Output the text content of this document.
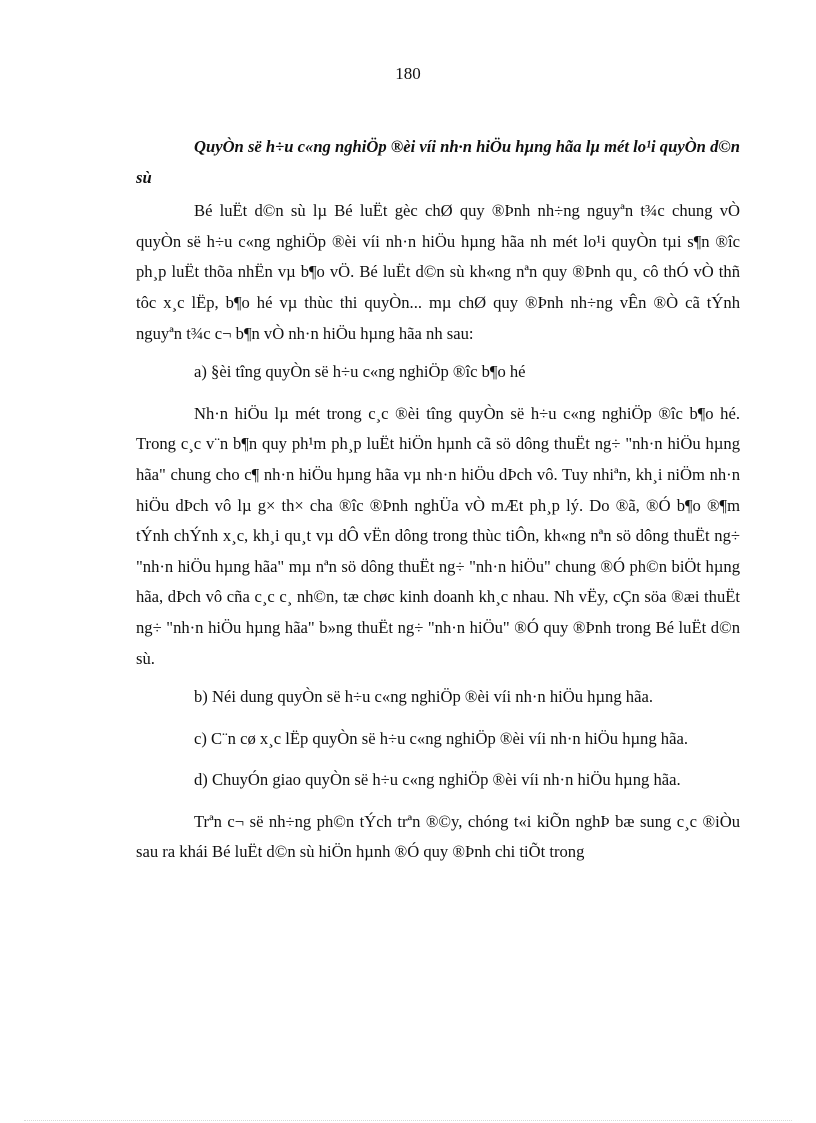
180

QuyÒn së h÷u c«ng nghiÖp ®èi víi nh·n hiÖu hµng hãa lµ mét lo¹i quyÒn d©n sù

Bé luËt d©n sù lµ Bé luËt gèc chØ quy ®Þnh nh÷ng nguyªn t¾c chung vÒ quyÒn së h÷u c«ng nghiÖp ®èi víi nh·n hiÖu hµng hãa nh mét lo¹i quyÒn tµi s¶n ®îc ph¸p luËt thõa nhËn vµ b¶o vÖ. Bé luËt d©n sù kh«ng nªn quy ®Þnh qu¸ cô thÓ vÒ thñ tôc x¸c lËp, b¶o hé vµ thùc thi quyÒn... mµ chØ quy ®Þnh nh÷ng vÊn ®Ò cã tÝnh nguyªn t¾c c¬ b¶n vÒ nh·n hiÖu hµng hãa nh sau:

a) §èi tîng quyÒn së h÷u c«ng nghiÖp ®îc b¶o hé

Nh·n hiÖu lµ mét trong c¸c ®èi tîng quyÒn së h÷u c«ng nghiÖp ®îc b¶o hé. Trong c¸c v¨n b¶n quy ph¹m ph¸p luËt hiÖn hµnh cã sö dông thuËt ng÷ "nh·n hiÖu hµng hãa" chung cho c¶ nh·n hiÖu hµng hãa vµ nh·n hiÖu dÞch vô. Tuy nhiªn, kh¸i niÖm nh·n hiÖu dÞch vô lµ g× th× cha ®îc ®Þnh nghÜa vÒ mÆt ph¸p lý. Do ®ã, ®Ó b¶o ®¶m tÝnh chÝnh x¸c, kh¸i qu¸t vµ dÔ vËn dông trong thùc tiÔn, kh«ng nªn sö dông thuËt ng÷ "nh·n hiÖu hµng hãa" mµ nªn sö dông thuËt ng÷ "nh·n hiÖu" chung ®Ó ph©n biÖt hµng hãa, dÞch vô cña c¸c c¸ nh©n, tæ chøc kinh doanh kh¸c nhau. Nh vËy, cÇn söa ®æi thuËt ng÷ "nh·n hiÖu hµng hãa" b»ng thuËt ng÷ "nh·n hiÖu" ®Ó quy ®Þnh trong Bé luËt d©n sù.

b) Néi dung quyÒn së h÷u c«ng nghiÖp ®èi víi nh·n hiÖu hµng hãa.

c) C¨n cø x¸c lËp quyÒn së h÷u c«ng nghiÖp ®èi víi nh·n hiÖu hµng hãa.

d) ChuyÓn giao quyÒn së h÷u c«ng nghiÖp ®èi víi nh·n hiÖu hµng hãa.

Trªn c¬ së nh÷ng ph©n tÝch trªn ®©y, chóng t«i kiÕn nghÞ bæ sung c¸c ®iÒu sau ra khái Bé luËt d©n sù hiÖn hµnh ®Ó quy ®Þnh chi tiÕt trong
